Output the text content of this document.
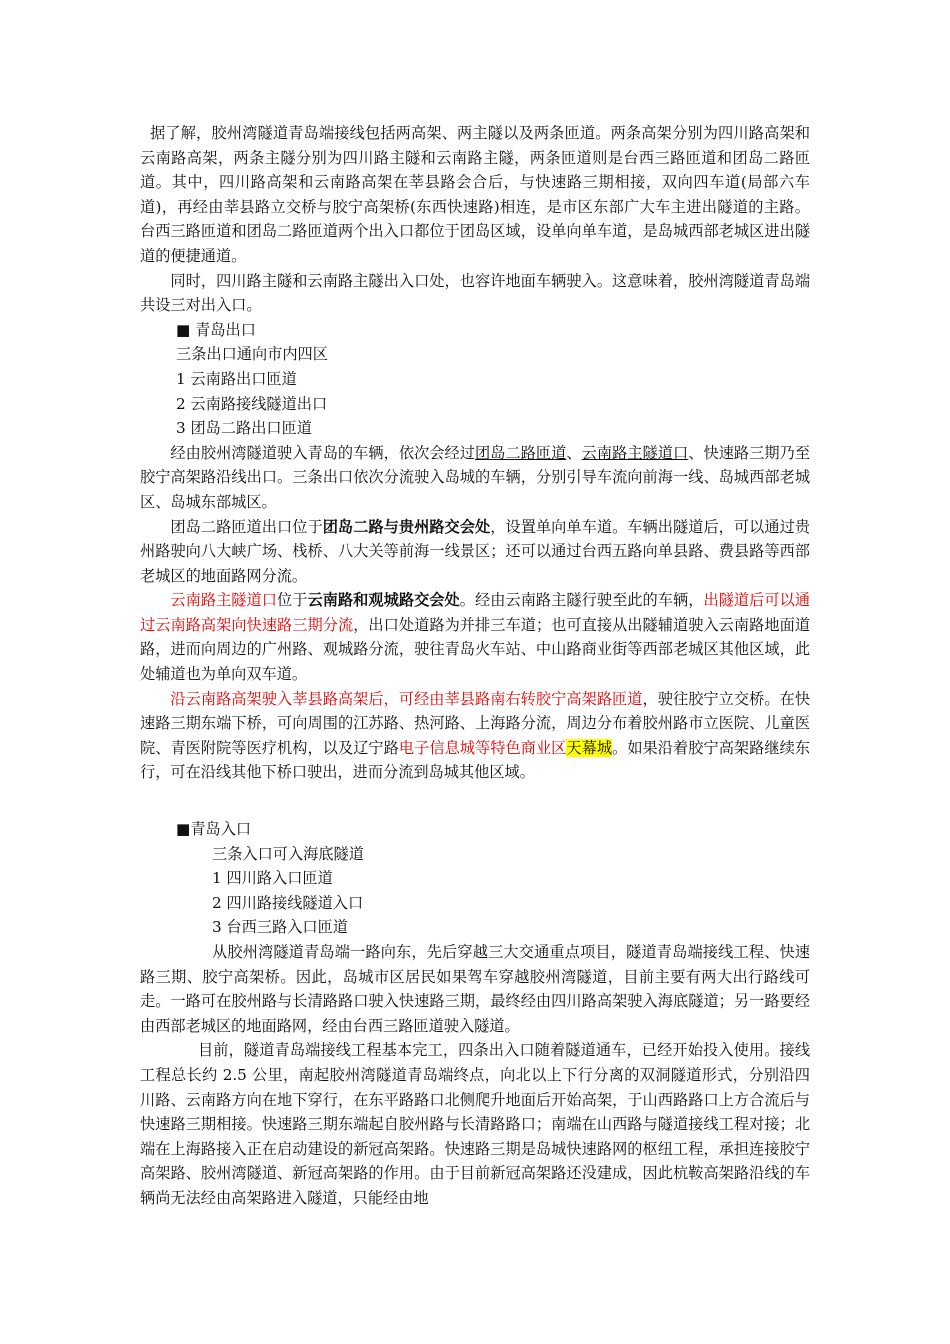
据了解，胶州湾隧道青岛端接线包括两高架、两主隧以及两条匝道。两条高架分别为四川路高架和云南路高架，两条主隧分别为四川路主隧和云南路主隧，两条匝道则是台西三路匝道和团岛二路匝道。其中，四川路高架和云南路高架在莘县路会合后，与快速路三期相接，双向四车道(局部六车道)，再经由莘县路立交桥与胶宁高架桥(东西快速路)相连，是市区东部广大车主进出隧道的主路。台西三路匝道和团岛二路匝道两个出入口都位于团岛区域，设单向单车道，是岛城西部老城区进出隧道的便捷通道。

同时，四川路主隧和云南路主隧出入口处，也容许地面车辆驶入。这意味着，胶州湾隧道青岛端共设三对出入口。

■ 青岛出口

三条出口通向市内四区

1 云南路出口匝道

2 云南路接线隧道出口

3 团岛二路出口匝道

经由胶州湾隧道驶入青岛的车辆，依次会经过团岛二路匝道、云南路主隧道口、快速路三期乃至胶宁高架路沿线出口。三条出口依次分流驶入岛城的车辆，分别引导车流向前海一线、岛城西部老城区、岛城东部城区。

团岛二路匝道出口位于团岛二路与贵州路交会处，设置单向单车道。车辆出隧道后，可以通过贵州路驶向八大峡广场、栈桥、八大关等前海一线景区；还可以通过台西五路向单县路、费县路等西部老城区的地面路网分流。

云南路主隧道口位于云南路和观城路交会处。经由云南路主隧行驶至此的车辆，出隧道后可以通过云南路高架向快速路三期分流，出口处道路为并排三车道；也可直接从出隧辅道驶入云南路地面道路，进而向周边的广州路、观城路分流，驶往青岛火车站、中山路商业街等西部老城区其他区域，此处辅道也为单向双车道。

沿云南路高架驶入莘县路高架后，可经由莘县路南右转胶宁高架路匝道，驶往胶宁立交桥。在快速路三期东端下桥，可向周围的江苏路、热河路、上海路分流，周边分布着胶州路市立医院、儿童医院、青医附院等医疗机构，以及辽宁路电子信息城等特色商业区天幕城。如果沿着胶宁高架路继续东行，可在沿线其他下桥口驶出，进而分流到岛城其他区域。

■青岛入口

三条入口可入海底隧道

1 四川路入口匝道

2 四川路接线隧道入口

3 台西三路入口匝道

从胶州湾隧道青岛端一路向东，先后穿越三大交通重点项目，隧道青岛端接线工程、快速路三期、胶宁高架桥。因此，岛城市区居民如果驾车穿越胶州湾隧道，目前主要有两大出行路线可走。一路可在胶州路与长清路路口驶入快速路三期，最终经由四川路高架驶入海底隧道；另一路要经由西部老城区的地面路网，经由台西三路匝道驶入隧道。

目前，隧道青岛端接线工程基本完工，四条出入口随着隧道通车，已经开始投入使用。接线工程总长约 2.5 公里，南起胶州湾隧道青岛端终点，向北以上下行分离的双洞隧道形式，分别沿四川路、云南路方向在地下穿行，在东平路路口北侧爬升地面后开始高架，于山西路路口上方合流后与快速路三期相接。快速路三期东端起自胶州路与长清路路口；南端在山西路与隧道接线工程对接；北端在上海路接入正在启动建设的新冠高架路。快速路三期是岛城快速路网的枢纽工程，承担连接胶宁高架路、胶州湾隧道、新冠高架路的作用。由于目前新冠高架路还没建成，因此杭鞍高架路沿线的车辆尚无法经由高架路进入隧道，只能经由地
